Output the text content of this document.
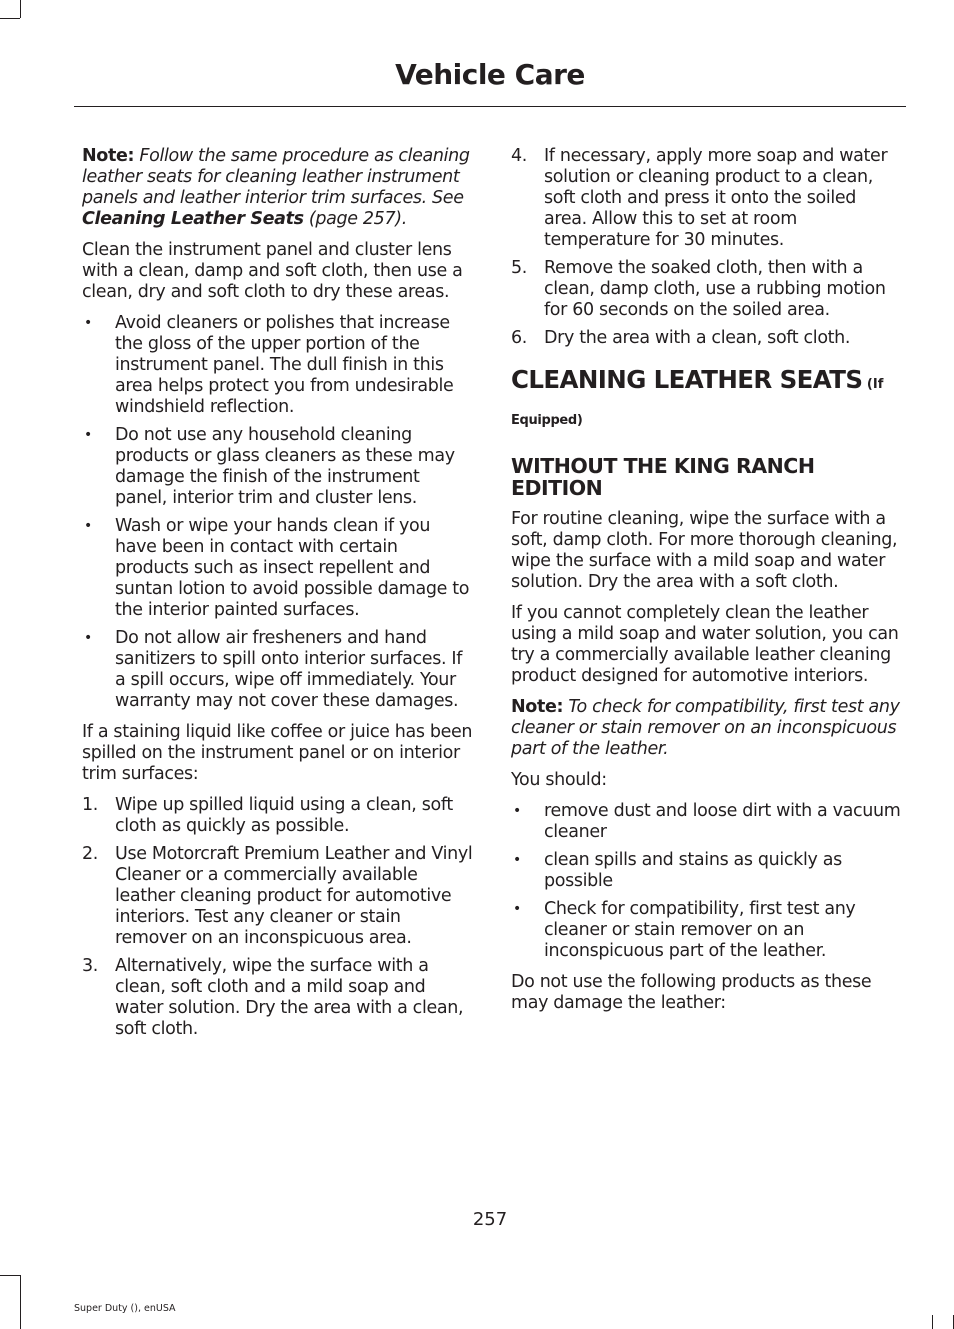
Vehicle Care

Note: Follow the same procedure as cleaning leather seats for cleaning leather instrument panels and leather interior trim surfaces. See Cleaning Leather Seats (page 257).

Clean the instrument panel and cluster lens with a clean, damp and soft cloth, then use a clean, dry and soft cloth to dry these areas.

• Avoid cleaners or polishes that increase the gloss of the upper portion of the instrument panel. The dull finish in this area helps protect you from undesirable windshield reflection.
• Do not use any household cleaning products or glass cleaners as these may damage the finish of the instrument panel, interior trim and cluster lens.
• Wash or wipe your hands clean if you have been in contact with certain products such as insect repellent and suntan lotion to avoid possible damage to the interior painted surfaces.
• Do not allow air fresheners and hand sanitizers to spill onto interior surfaces. If a spill occurs, wipe off immediately. Your warranty may not cover these damages.

If a staining liquid like coffee or juice has been spilled on the instrument panel or on interior trim surfaces:

1. Wipe up spilled liquid using a clean, soft cloth as quickly as possible.
2. Use Motorcraft Premium Leather and Vinyl Cleaner or a commercially available leather cleaning product for automotive interiors. Test any cleaner or stain remover on an inconspicuous area.
3. Alternatively, wipe the surface with a clean, soft cloth and a mild soap and water solution. Dry the area with a clean, soft cloth.
4. If necessary, apply more soap and water solution or cleaning product to a clean, soft cloth and press it onto the soiled area. Allow this to set at room temperature for 30 minutes.
5. Remove the soaked cloth, then with a clean, damp cloth, use a rubbing motion for 60 seconds on the soiled area.
6. Dry the area with a clean, soft cloth.
CLEANING LEATHER SEATS (If
Equipped)
WITHOUT THE KING RANCH EDITION

For routine cleaning, wipe the surface with a soft, damp cloth. For more thorough cleaning, wipe the surface with a mild soap and water solution. Dry the area with a soft cloth.

If you cannot completely clean the leather using a mild soap and water solution, you can try a commercially available leather cleaning product designed for automotive interiors.

Note: To check for compatibility, first test any cleaner or stain remover on an inconspicuous part of the leather.

You should:

• remove dust and loose dirt with a vacuum cleaner
• clean spills and stains as quickly as possible
• Check for compatibility, first test any cleaner or stain remover on an inconspicuous part of the leather.

Do not use the following products as these may damage the leather:

257
Super Duty (), enUSA
